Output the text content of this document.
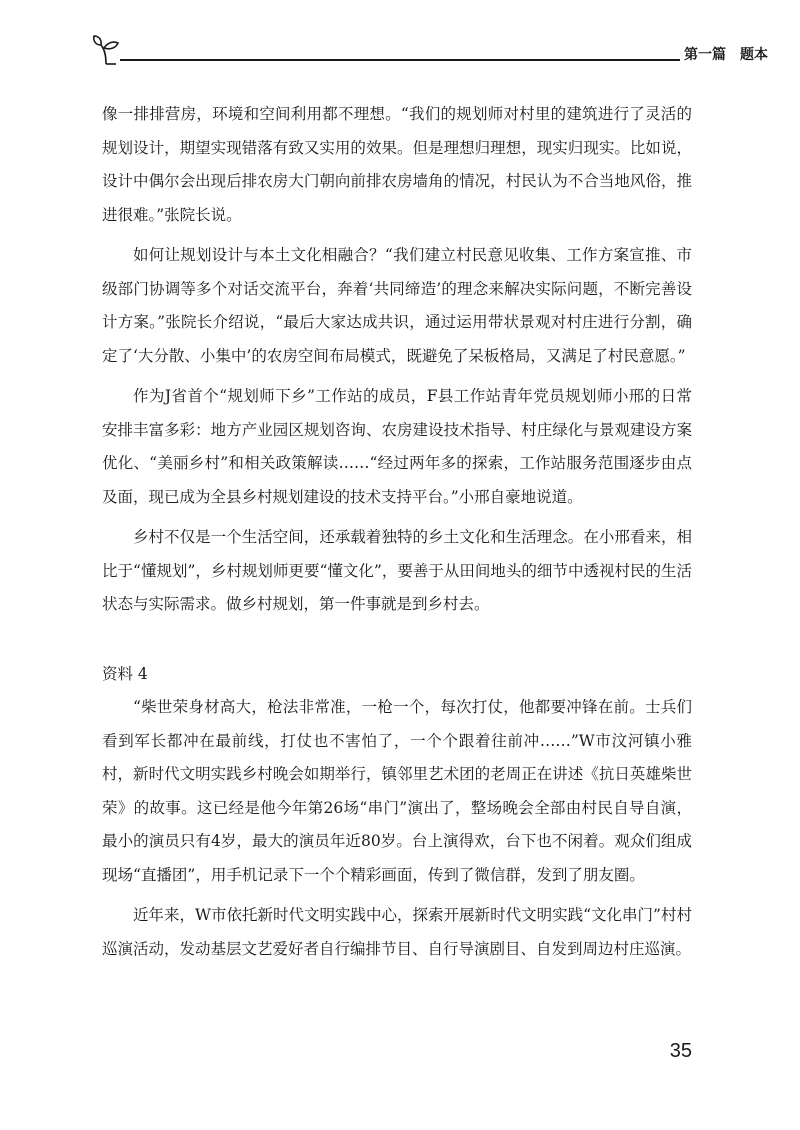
第一篇　题本

像一排排营房，环境和空间利用都不理想。“我们的规划师对村里的建筑进行了灵活的规划设计，期望实现错落有致又实用的效果。但是理想归理想，现实归现实。比如说，设计中偶尔会出现后排农房大门朝向前排农房墙角的情况，村民认为不合当地风俗，推进很难。”张院长说。

如何让规划设计与本土文化相融合？“我们建立村民意见收集、工作方案宣推、市级部门协调等多个对话交流平台，奔着‘共同缔造’的理念来解决实际问题，不断完善设计方案。”张院长介绍说，“最后大家达成共识，通过运用带状景观对村庄进行分割，确定了‘大分散、小集中’的农房空间布局模式，既避免了呆板格局，又满足了村民意愿。”

作为J省首个“规划师下乡”工作站的成员，F县工作站青年党员规划师小邢的日常安排丰富多彩：地方产业园区规划咨询、农房建设技术指导、村庄绿化与景观建设方案优化、“美丽乡村”和相关政策解读……“经过两年多的探索，工作站服务范围逐步由点及面，现已成为全县乡村规划建设的技术支持平台。”小邢自豪地说道。

乡村不仅是一个生活空间，还承载着独特的乡土文化和生活理念。在小邢看来，相比于“懂规划”，乡村规划师更要“懂文化”，要善于从田间地头的细节中透视村民的生活状态与实际需求。做乡村规划，第一件事就是到乡村去。

资料 4

“柴世荣身材高大，枪法非常准，一枪一个，每次打仗，他都要冲锋在前。士兵们看到军长都冲在最前线，打仗也不害怕了，一个个跟着往前冲……”W市汶河镇小雅村，新时代文明实践乡村晚会如期举行，镇邻里艺术团的老周正在讲述《抗日英雄柴世荣》的故事。这已经是他今年第26场“串门”演出了，整场晚会全部由村民自导自演，最小的演员只有4岁，最大的演员年近80岁。台上演得欢，台下也不闲着。观众们组成现场“直播团”，用手机记录下一个个精彩画面，传到了微信群，发到了朋友圈。

近年来，W市依托新时代文明实践中心，探索开展新时代文明实践“文化串门”村村巡演活动，发动基层文艺爱好者自行编排节目、自行导演剧目、自发到周边村庄巡演。

35
